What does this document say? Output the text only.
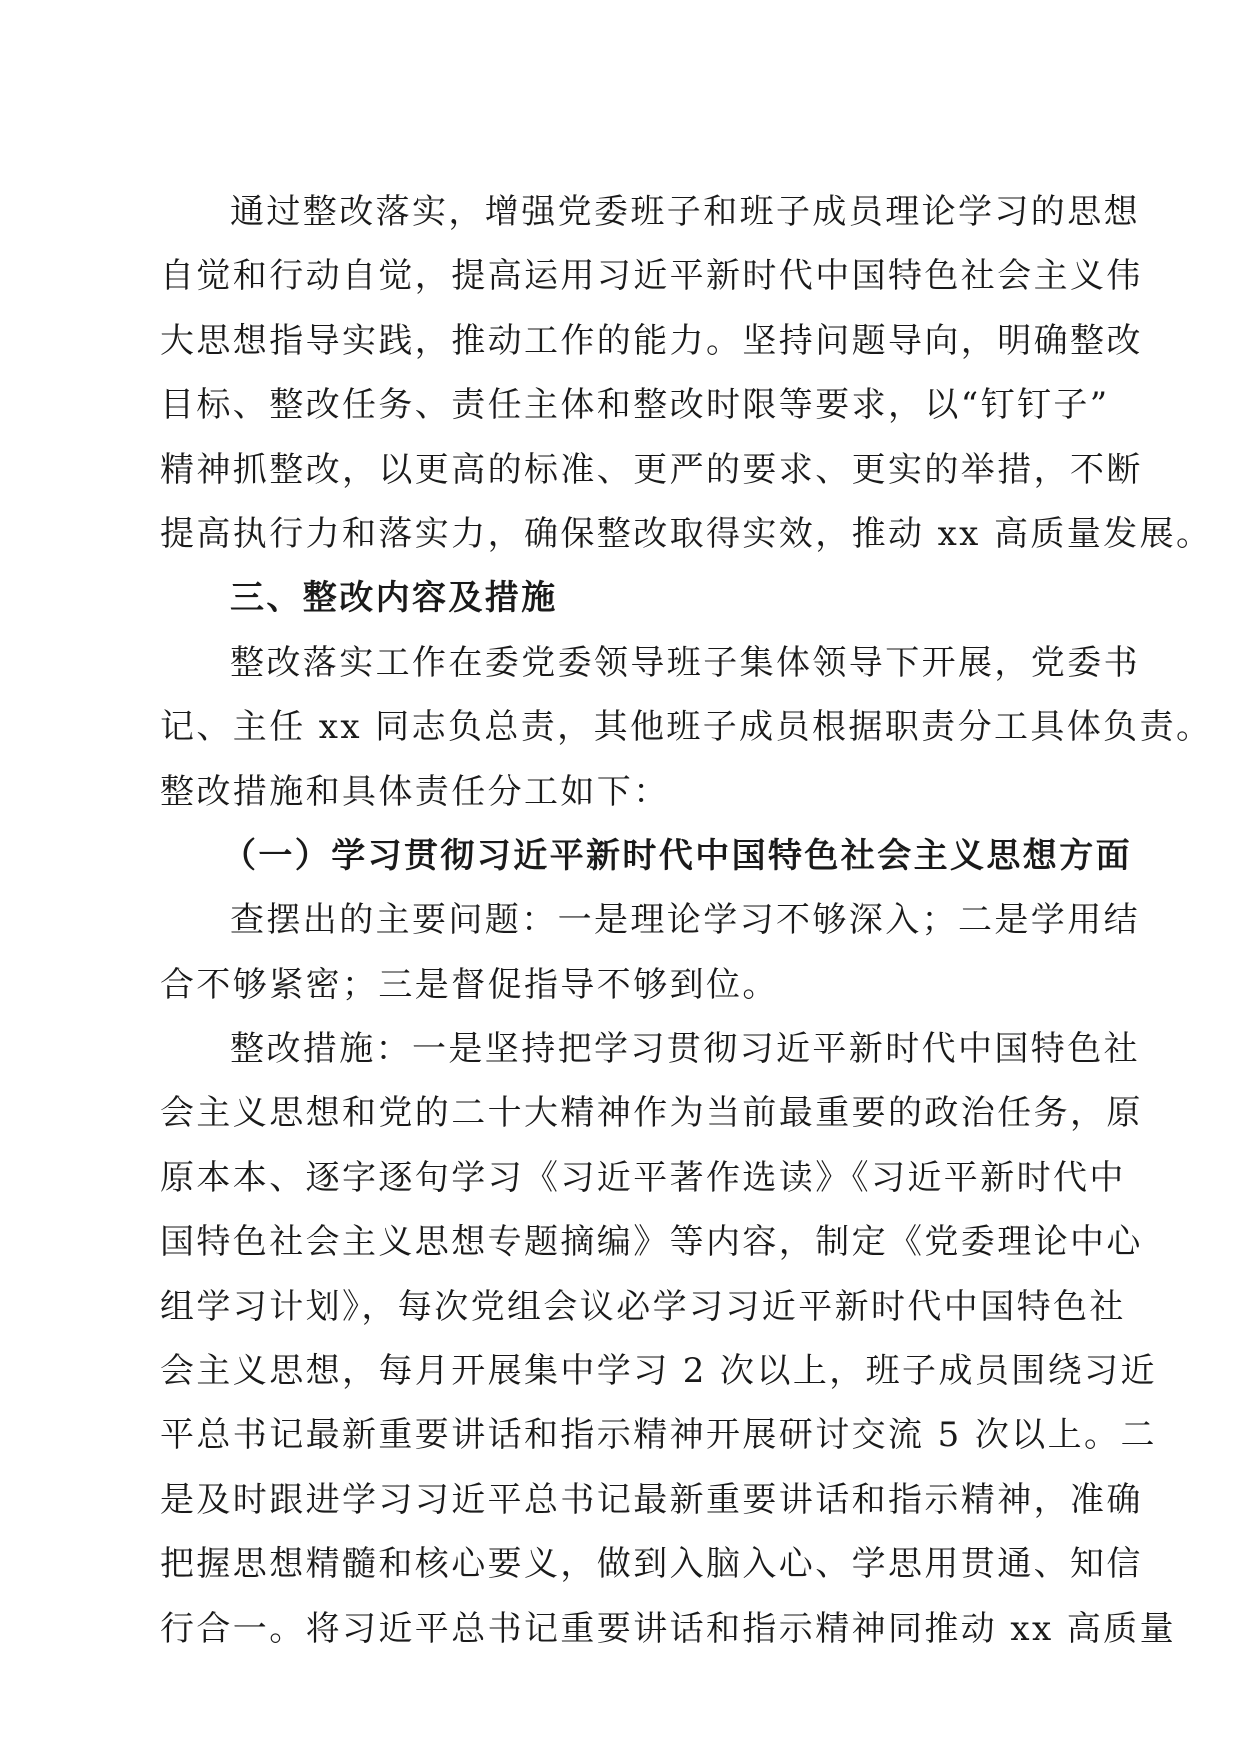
通过整改落实，增强党委班子和班子成员理论学习的思想
自觉和行动自觉，提高运用习近平新时代中国特色社会主义伟
大思想指导实践，推动工作的能力。坚持问题导向，明确整改
目标、整改任务、责任主体和整改时限等要求，以“钉钉子”
精神抓整改，以更高的标准、更严的要求、更实的举措，不断
提高执行力和落实力，确保整改取得实效，推动 xx 高质量发展。
三、整改内容及措施
整改落实工作在委党委领导班子集体领导下开展，党委书
记、主任 xx 同志负总责，其他班子成员根据职责分工具体负责。
整改措施和具体责任分工如下：
（一）学习贯彻习近平新时代中国特色社会主义思想方面
查摆出的主要问题：一是理论学习不够深入；二是学用结
合不够紧密；三是督促指导不够到位。
整改措施：一是坚持把学习贯彻习近平新时代中国特色社
会主义思想和党的二十大精神作为当前最重要的政治任务，原
原本本、逐字逐句学习《习近平著作选读》《习近平新时代中
国特色社会主义思想专题摘编》等内容，制定《党委理论中心
组学习计划》，每次党组会议必学习习近平新时代中国特色社
会主义思想，每月开展集中学习 2 次以上，班子成员围绕习近
平总书记最新重要讲话和指示精神开展研讨交流 5 次以上。二
是及时跟进学习习近平总书记最新重要讲话和指示精神，准确
把握思想精髓和核心要义，做到入脑入心、学思用贯通、知信
行合一。将习近平总书记重要讲话和指示精神同推动 xx 高质量
